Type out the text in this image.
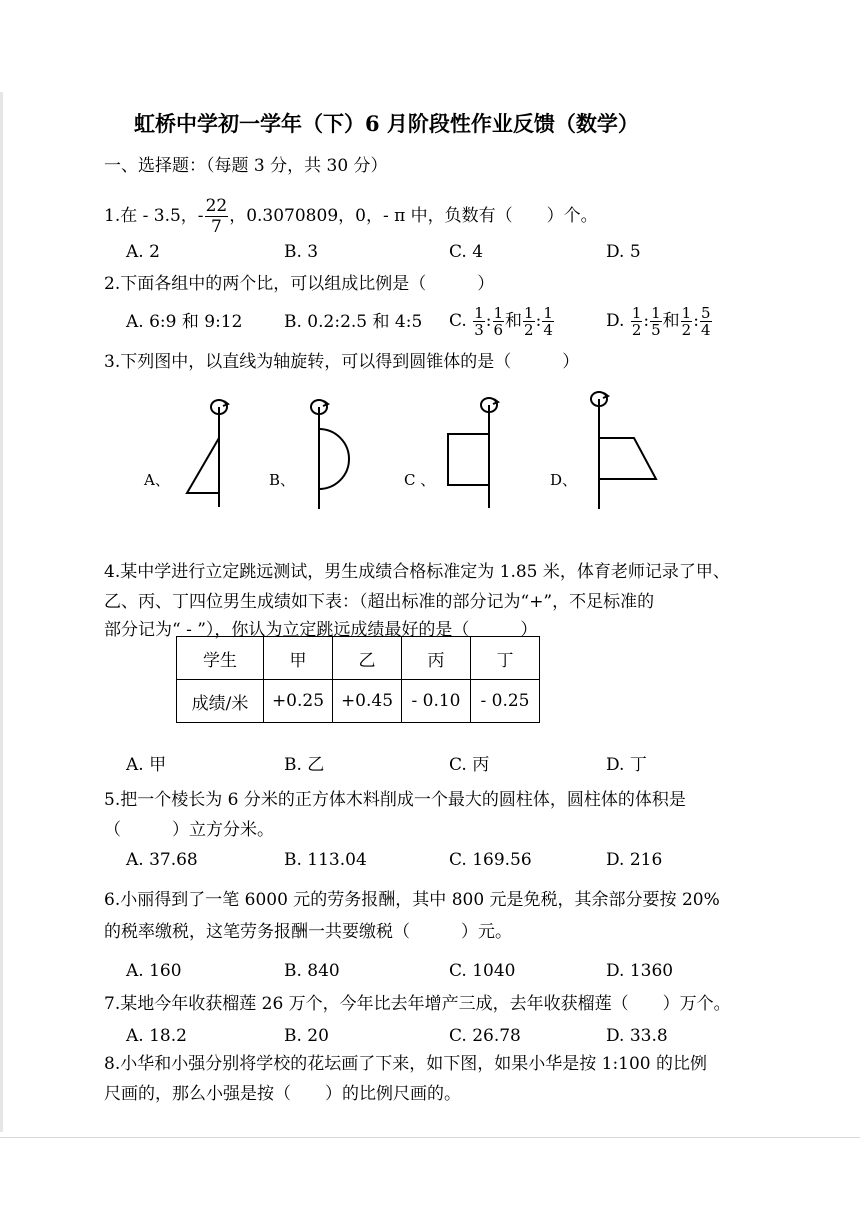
虹桥中学初一学年（下）6 月阶段性作业反馈（数学）
一、选择题：（每题 3 分，共 30 分）
1.在 - 3.5，- $\frac{22}{7}$ ，0.3070809，0，- π 中，负数有（　　）个。
A. 2	B. 3	C. 4	D. 5
2.下面各组中的两个比，可以组成比例是（　　　）
A. 6:9 和 9:12 B. 0.2:2.5 和 4:5 C. $\frac{1}{3}$ : $\frac{1}{6}$ 和 $\frac{1}{2}$ : $\frac{1}{4}$	D. $\frac{1}{2}$ : $\frac{1}{5}$ 和 $\frac{1}{2}$ : $\frac{5}{4}$
3.下列图中，以直线为轴旋转，可以得到圆锥体的是（　　　）
A、	B、	C 、	D、
4.某中学进行立定跳远测试，男生成绩合格标准定为 1.85 米，体育老师记录了甲、
乙、丙、丁四位男生成绩如下表：（超出标准的部分记为“+”，不足标准的
部分记为“ - ”），你认为立定跳远成绩最好的是（　　　）
学生	甲	乙	丙	丁
成绩/米	+0.25	+0.45	- 0.10	- 0.25
A. 甲	B. 乙	C. 丙	D. 丁
5.把一个棱长为 6 分米的正方体木料削成一个最大的圆柱体，圆柱体的体积是
（　　　）立方分米。
A. 37.68	B. 113.04	C. 169.56	D. 216
6.小丽得到了一笔 6000 元的劳务报酬，其中 800 元是免税，其余部分要按 20%
的税率缴税，这笔劳务报酬一共要缴税（　　　）元。
A. 160	B. 840	C. 1040	D. 1360
7.某地今年收获榴莲 26 万个，今年比去年增产三成，去年收获榴莲（　　）万个。
A. 18.2	B. 20	C. 26.78	D. 33.8
8.小华和小强分别将学校的花坛画了下来，如下图，如果小华是按 1:100 的比例
尺画的，那么小强是按（　　）的比例尺画的。
